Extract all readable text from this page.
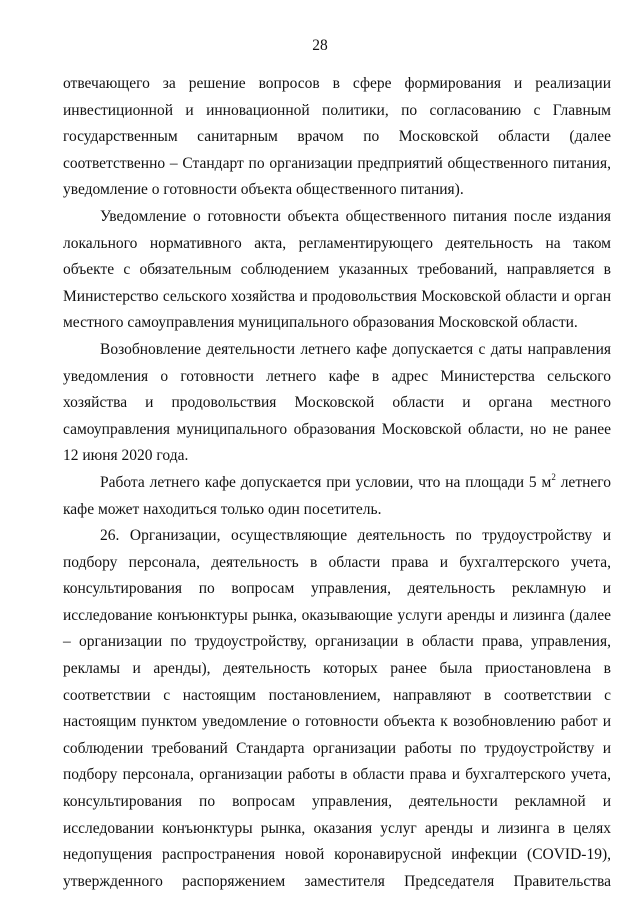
28

отвечающего за решение вопросов в сфере формирования и реализации инвестиционной и инновационной политики, по согласованию с Главным государственным санитарным врачом по Московской области (далее соответственно – Стандарт по организации предприятий общественного питания, уведомление о готовности объекта общественного питания).

Уведомление о готовности объекта общественного питания после издания локального нормативного акта, регламентирующего деятельность на таком объекте с обязательным соблюдением указанных требований, направляется в Министерство сельского хозяйства и продовольствия Московской области и орган местного самоуправления муниципального образования Московской области.

Возобновление деятельности летнего кафе допускается с даты направления уведомления о готовности летнего кафе в адрес Министерства сельского хозяйства и продовольствия Московской области и органа местного самоуправления муниципального образования Московской области, но не ранее 12 июня 2020 года.

Работа летнего кафе допускается при условии, что на площади 5 $м^2$ летнего кафе может находиться только один посетитель.

26. Организации, осуществляющие деятельность по трудоустройству и подбору персонала, деятельность в области права и бухгалтерского учета, консультирования по вопросам управления, деятельность рекламную и исследование конъюнктуры рынка, оказывающие услуги аренды и лизинга (далее – организации по трудоустройству, организации в области права, управления, рекламы и аренды), деятельность которых ранее была приостановлена в соответствии с настоящим постановлением, направляют в соответствии с настоящим пунктом уведомление о готовности объекта к возобновлению работ и соблюдении требований Стандарта организации работы по трудоустройству и подбору персонала, организации работы в области права и бухгалтерского учета, консультирования по вопросам управления, деятельности рекламной и исследовании конъюнктуры рынка, оказания услуг аренды и лизинга в целях недопущения распространения новой коронавирусной инфекции (COVID-19), утвержденного распоряжением заместителя Председателя Правительства
